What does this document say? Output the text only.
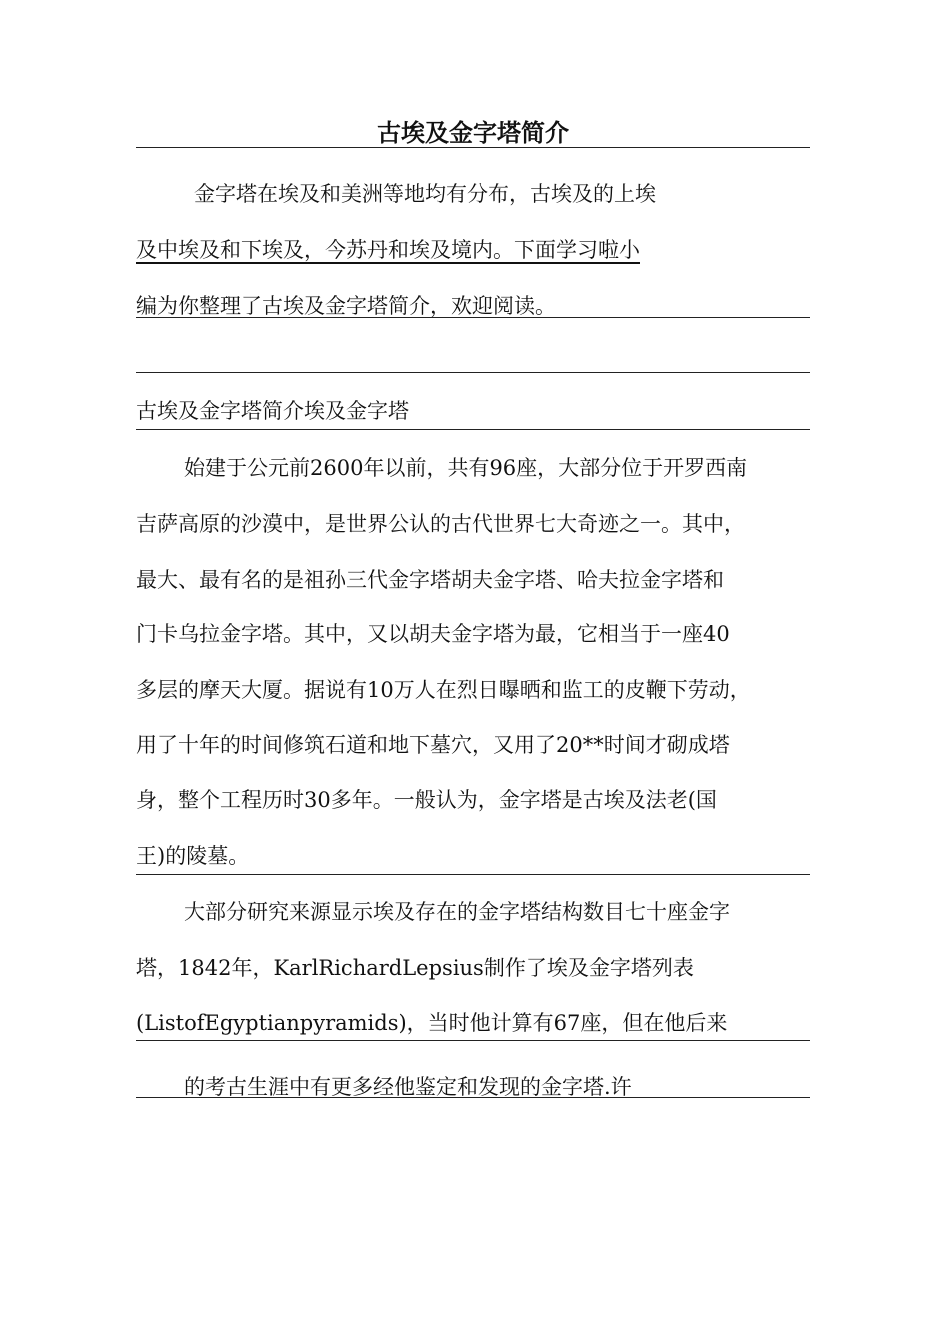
古埃及金字塔简介

金字塔在埃及和美洲等地均有分布，古埃及的上埃

及中埃及和下埃及，今苏丹和埃及境内。下面学习啦小

编为你整理了古埃及金字塔简介，欢迎阅读。

古埃及金字塔简介埃及金字塔

始建于公元前2600年以前，共有96座，大部分位于开罗西南

吉萨高原的沙漠中，是世界公认的古代世界七大奇迹之一。其中，

最大、最有名的是祖孙三代金字塔胡夫金字塔、哈夫拉金字塔和

门卡乌拉金字塔。其中，又以胡夫金字塔为最，它相当于一座40

多层的摩天大厦。据说有10万人在烈日曝晒和监工的皮鞭下劳动，

用了十年的时间修筑石道和地下墓穴，又用了20**时间才砌成塔

身，整个工程历时30多年。一般认为，金字塔是古埃及法老(国

王)的陵墓。

大部分研究来源显示埃及存在的金字塔结构数目七十座金字

塔，1842年，KarlRichardLepsius制作了埃及金字塔列表

(ListofEgyptianpyramids)，当时他计算有67座，但在他后来

的考古生涯中有更多经他鉴定和发现的金字塔.许
